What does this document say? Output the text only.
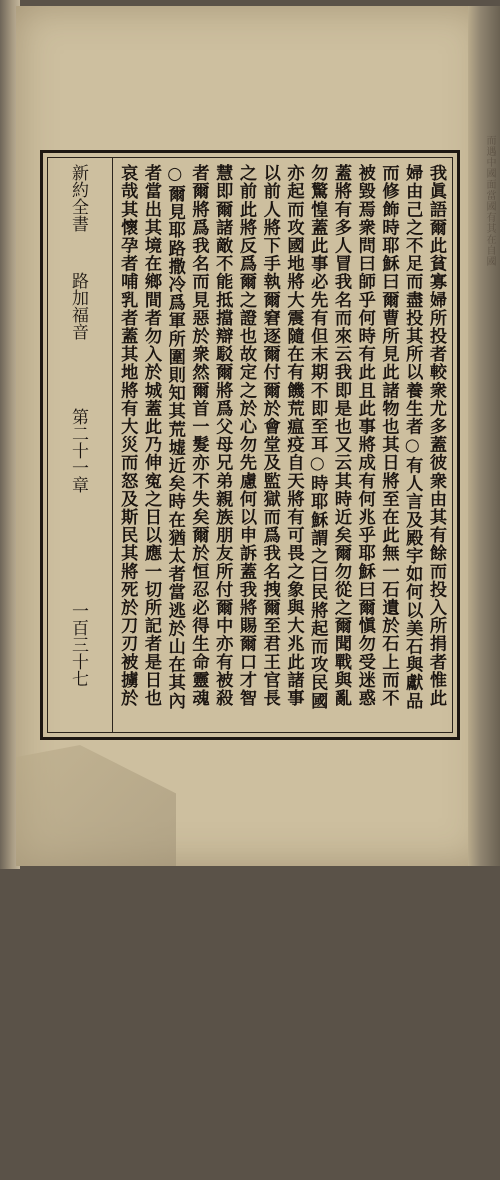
而遇中國面當國有其在自國
新約全書
路加福音
第二十一章
一百三十七	我眞語爾此貧寡婦所投者較衆尤多蓋彼衆由其有餘而投入所捐者惟此
婦由己之不足而盡投其所以養生者○有人言及殿宇如何以美石與獻品
而修飾時耶穌曰爾曹所見此諸物也其日將至在此無一石遺於石上而不
被毀焉衆問曰師乎何時有此且此事將成有何兆乎耶穌曰爾愼勿受迷惑
蓋將有多人冒我名而來云我即是也又云其時近矣爾勿從之爾聞戰與亂
勿驚惶蓋此事必先有但末期不即至耳○時耶穌謂之曰民將起而攻民國
亦起而攻國地將大震隨在有饑荒瘟疫自天將有可畏之象與大兆此諸事
以前人將下手執爾窘逐爾付爾於會堂及監獄而爲我名拽爾至君王官長
之前此將反爲爾之證也故定之於心勿先慮何以申訴蓋我將賜爾口才智
慧即爾諸敵不能抵擋辯駁爾將爲父母兄弟親族朋友所付爾中亦有被殺
者爾將爲我名而見惡於衆然爾首一髮亦不失矣爾於恒忍必得生命靈魂
○爾見耶路撒冷爲軍所圍則知其荒墟近矣時在猶太者當逃於山在其內
者當出其境在鄉間者勿入於城蓋此乃伸寃之日以應一切所記者是日也
哀哉其懷孕者哺乳者蓋其地將有大災而怒及斯民其將死於刀刃被擄於
